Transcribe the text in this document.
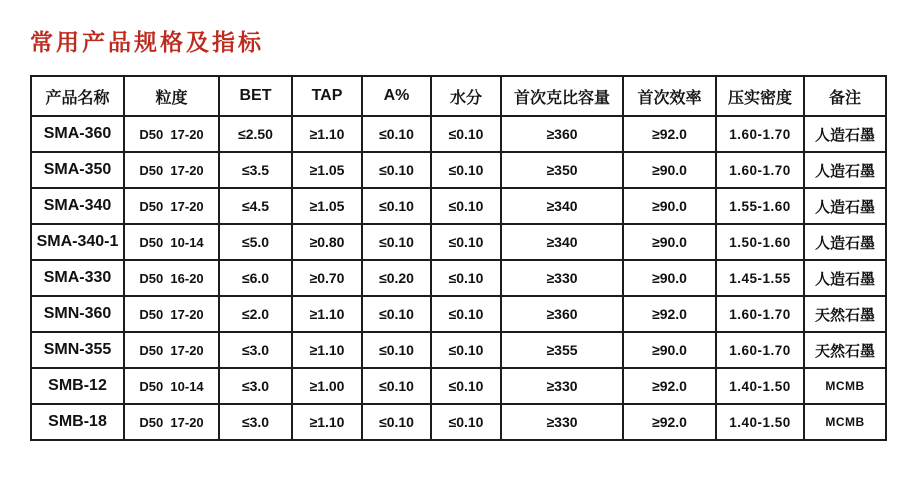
常用产品规格及指标
产品名称	粒度	BET	TAP	A%	水分	首次克比容量	首次效率	压实密度	备注
SMA-360	D50  17-20	≤2.50	≥1.10	≤0.10	≤0.10	≥360	≥92.0	1.60-1.70	人造石墨
SMA-350	D50  17-20	≤3.5	≥1.05	≤0.10	≤0.10	≥350	≥90.0	1.60-1.70	人造石墨
SMA-340	D50  17-20	≤4.5	≥1.05	≤0.10	≤0.10	≥340	≥90.0	1.55-1.60	人造石墨
SMA-340-1	D50  10-14	≤5.0	≥0.80	≤0.10	≤0.10	≥340	≥90.0	1.50-1.60	人造石墨
SMA-330	D50  16-20	≤6.0	≥0.70	≤0.20	≤0.10	≥330	≥90.0	1.45-1.55	人造石墨
SMN-360	D50  17-20	≤2.0	≥1.10	≤0.10	≤0.10	≥360	≥92.0	1.60-1.70	天然石墨
SMN-355	D50  17-20	≤3.0	≥1.10	≤0.10	≤0.10	≥355	≥90.0	1.60-1.70	天然石墨
SMB-12	D50  10-14	≤3.0	≥1.00	≤0.10	≤0.10	≥330	≥92.0	1.40-1.50	MCMB
SMB-18	D50  17-20	≤3.0	≥1.10	≤0.10	≤0.10	≥330	≥92.0	1.40-1.50	MCMB
